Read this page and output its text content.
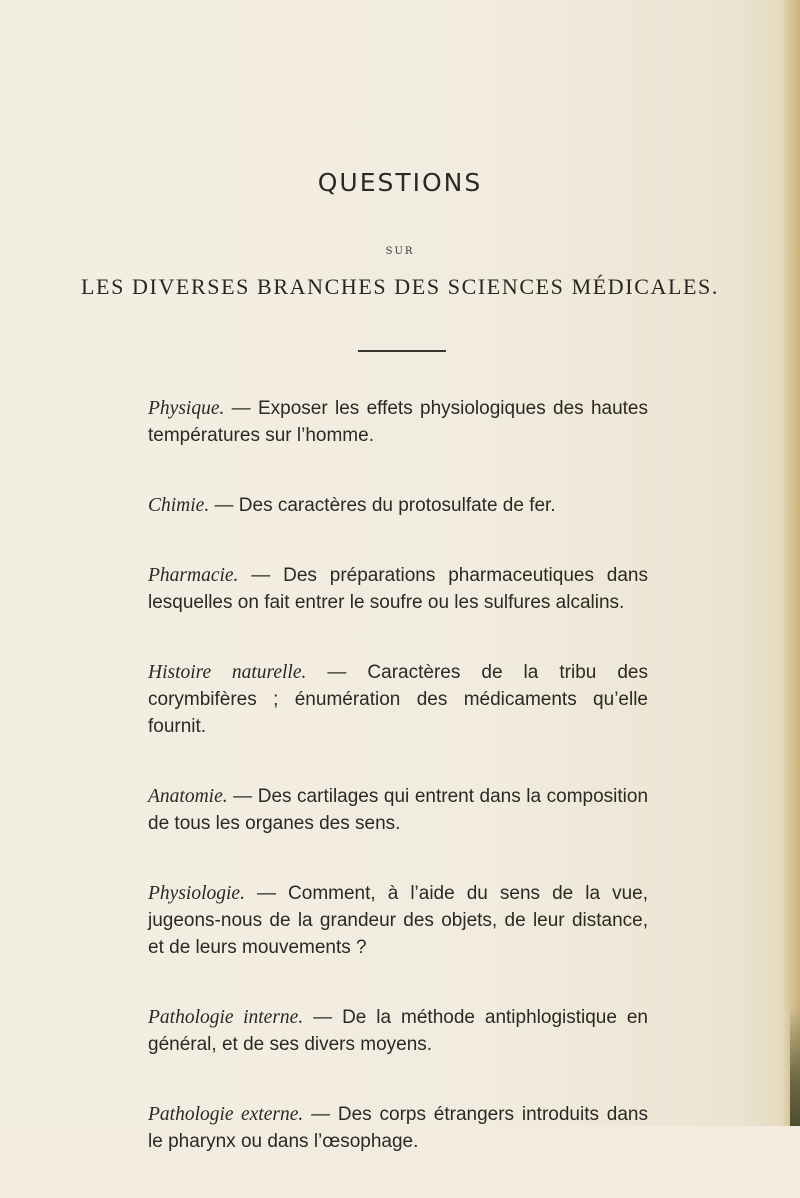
QUESTIONS
SUR
LES DIVERSES BRANCHES DES SCIENCES MÉDICALES.

Physique. — Exposer les effets physiologiques des hautes températures sur l’homme.

Chimie. — Des caractères du protosulfate de fer.

Pharmacie. — Des préparations pharmaceutiques dans lesquelles on fait entrer le soufre ou les sulfures alcalins.

Histoire naturelle. — Caractères de la tribu des corymbifères ; énumération des médicaments qu’elle fournit.

Anatomie. — Des cartilages qui entrent dans la composition de tous les organes des sens.

Physiologie. — Comment, à l’aide du sens de la vue, jugeons-nous de la grandeur des objets, de leur distance, et de leurs mouvements ?

Pathologie interne. — De la méthode antiphlogistique en général, et de ses divers moyens.

Pathologie externe. — Des corps étrangers introduits dans le pharynx ou dans l’œsophage.
